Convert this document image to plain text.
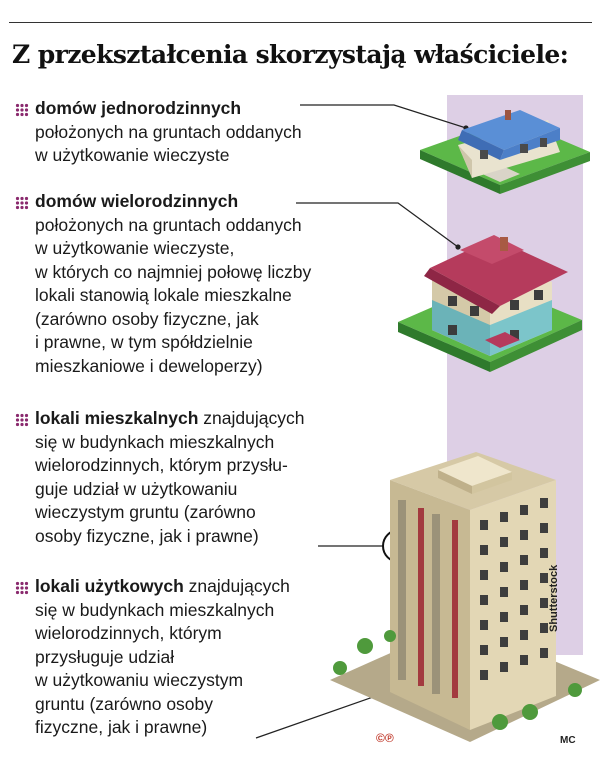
Z przekształcenia skorzystają właściciele:
domów jednorodzinnych
położonych na gruntach oddanych
w użytkowanie wieczyste
domów wielorodzinnych
położonych na gruntach oddanych
w użytkowanie wieczyste,
w których co najmniej połowę liczby
lokali stanowią lokale mieszkalne
(zarówno osoby fizyczne, jak
i prawne, w tym spółdzielnie
mieszkaniowe i deweloperzy)
lokali mieszkalnych znajdujących
się w budynkach mieszkalnych
wielorodzinnych, którym przysłu-
guje udział w użytkowaniu
wieczystym gruntu (zarówno
osoby fizyczne, jak i prawne)
lokali użytkowych znajdujących
się w budynkach mieszkalnych
wielorodzinnych, którym
przysługuje udział
w użytkowaniu wieczystym
gruntu (zarówno osoby
fizyczne, jak i prawne)
Shutterstock
©℗	MC
